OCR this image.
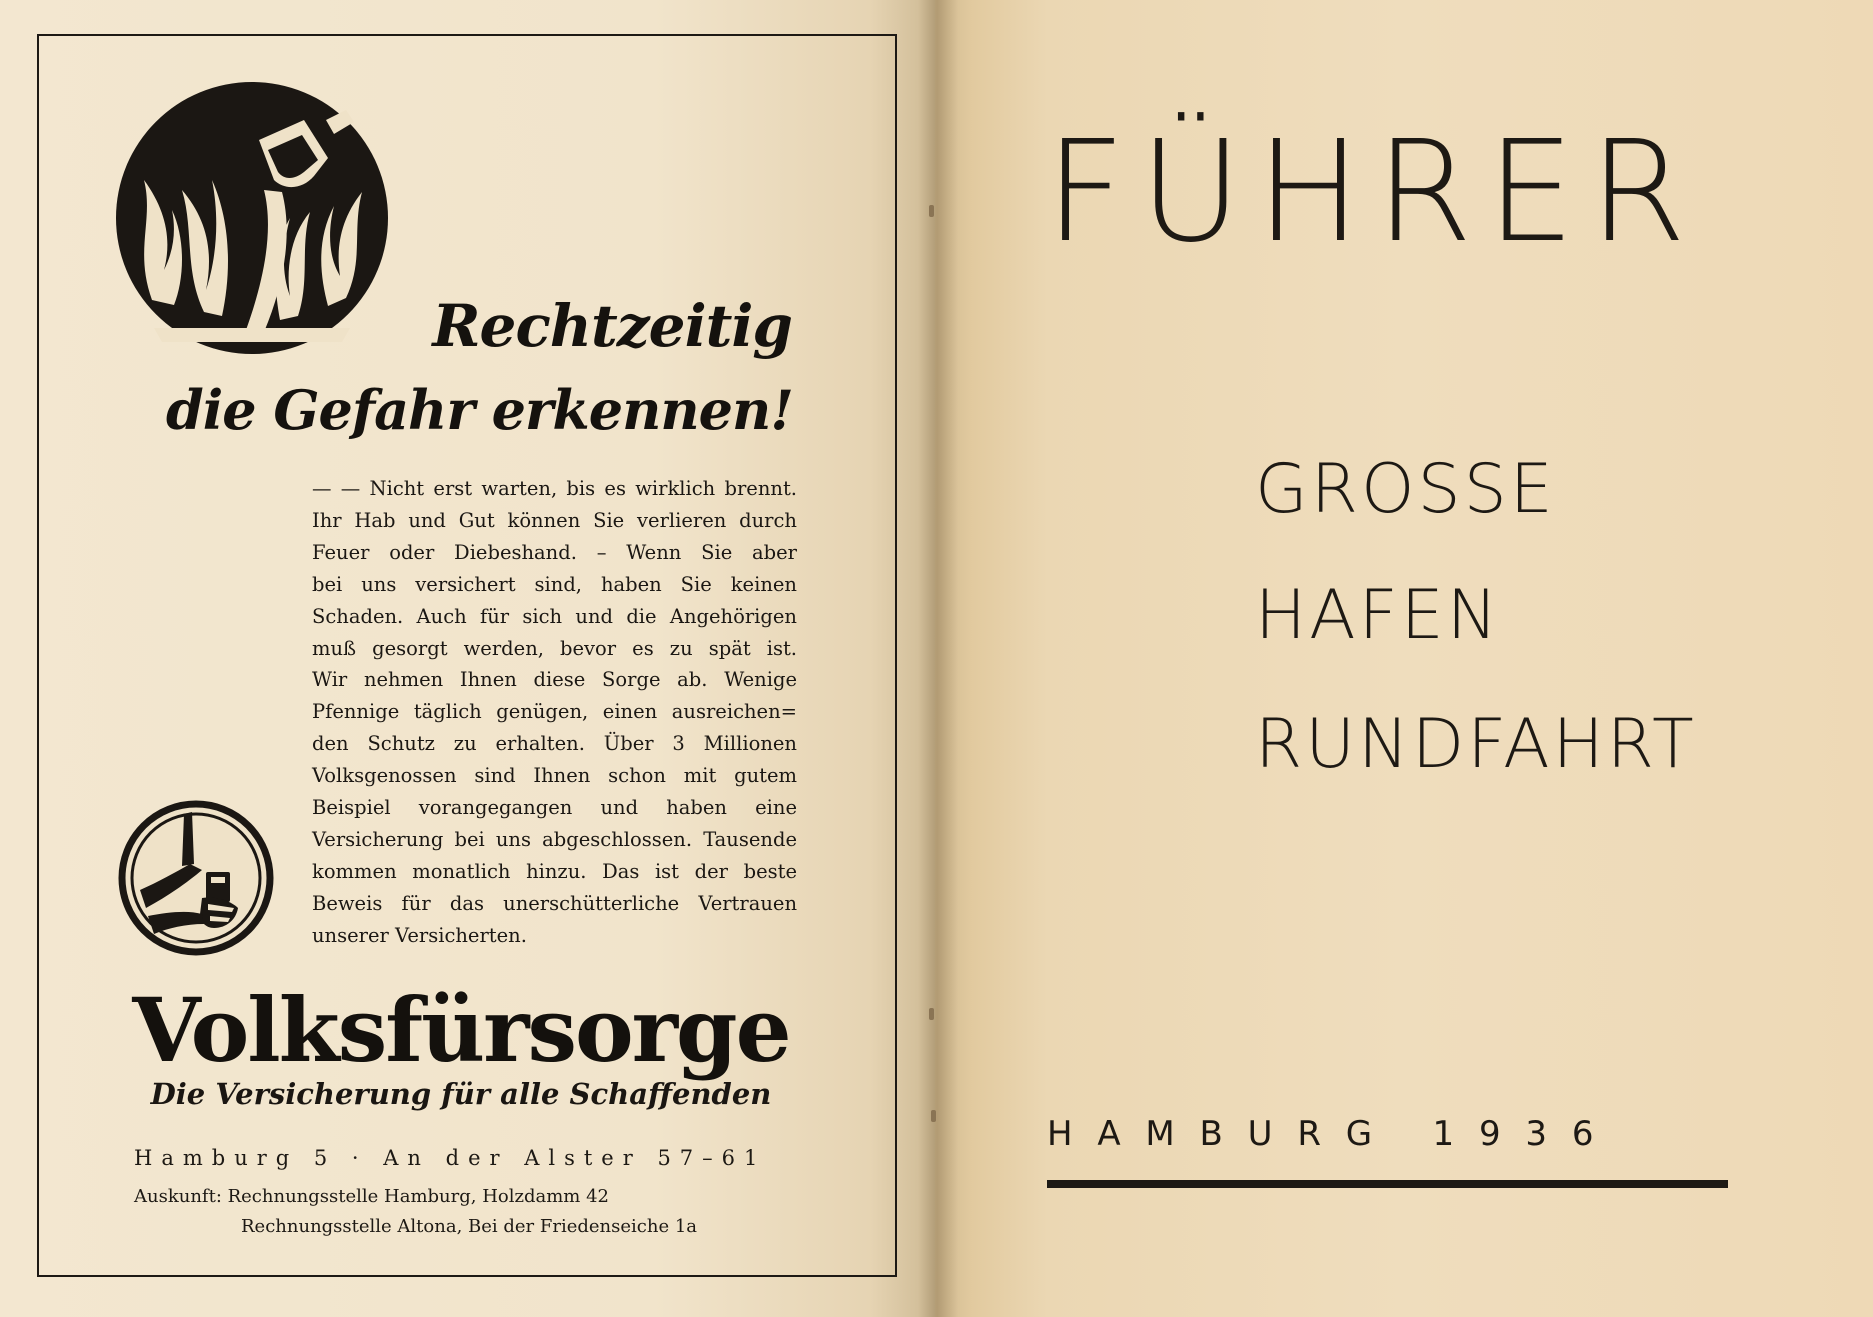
Rechtzeitig
die Gefahr erkennen!
— — Nicht erst warten, bis es wirklich brennt.
Ihr Hab und Gut können Sie verlieren durch
Feuer oder Diebeshand. – Wenn Sie aber
bei uns versichert sind, haben Sie keinen
Schaden. Auch für sich und die Angehörigen
muß gesorgt werden, bevor es zu spät ist.
Wir nehmen Ihnen diese Sorge ab. Wenige
Pfennige täglich genügen, einen ausreichen=
den Schutz zu erhalten. Über 3 Millionen
Volksgenossen sind Ihnen schon mit gutem
Beispiel vorangegangen und haben eine
Versicherung bei uns abgeschlossen. Tausende
kommen monatlich hinzu. Das ist der beste
Beweis für das unerschütterliche Vertrauen
unserer Versicherten.
Volksfürsorge
Die Versicherung für alle Schaffenden
Hamburg 5 · An der Alster 57–61
Auskunft: Rechnungsstelle Hamburg, Holzdamm 42
Rechnungsstelle Altona, Bei der Friedenseiche 1a
FÜHRER
GROSSE
HAFEN
RUNDFAHRT
HAMBURG 1936
